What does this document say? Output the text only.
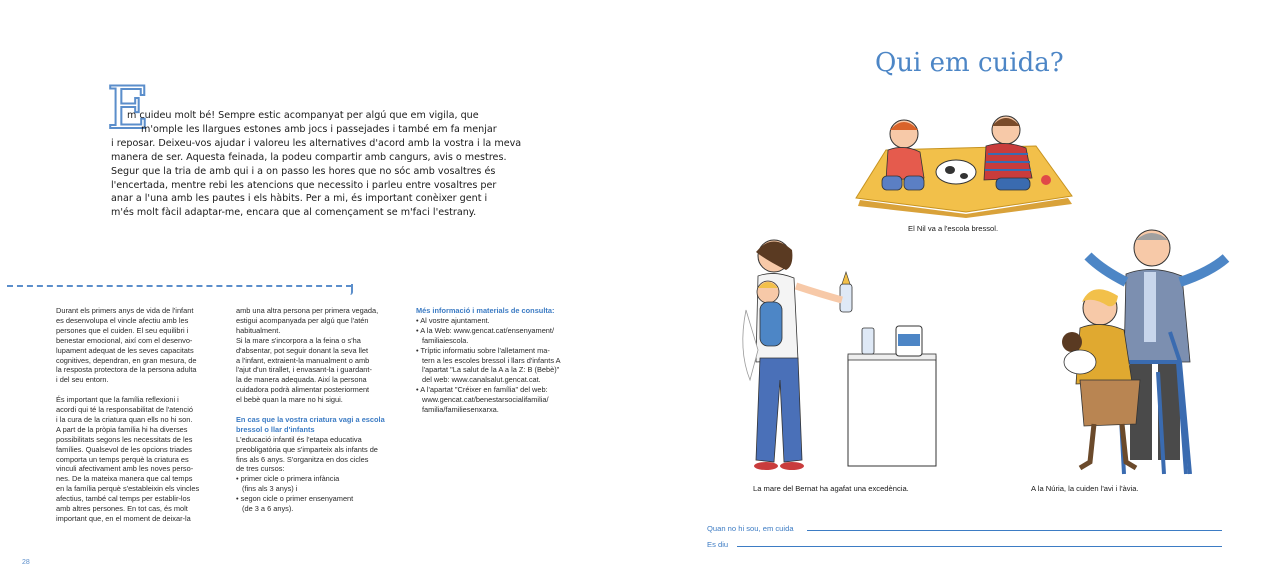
E
m cuideu molt bé! Sempre estic acompanyat per algú que em vigila, que
m'omple les llargues estones amb jocs i passejades i també em fa menjar
i reposar. Deixeu-vos ajudar i valoreu les alternatives d'acord amb la vostra i la meva
manera de ser. Aquesta feinada, la podeu compartir amb cangurs, avis o mestres.
Segur que la tria de amb qui i a on passo les hores que no sóc amb vosaltres és
l'encertada, mentre rebi les atencions que necessito i parleu entre vosaltres per
anar a l'una amb les pautes i els hàbits. Per a mi, és important conèixer gent i
m'és molt fàcil adaptar-me, encara que al començament se m'faci l'estrany.

Durant els primers anys de vida de l'infant
es desenvolupa el vincle afectiu amb les
persones que el cuiden. El seu equilibri i
benestar emocional, així com el desenvo-
lupament adequat de les seves capacitats
cognitives, dependran, en gran mesura, de
la resposta protectora de la persona adulta
i del seu entorn.

És important que la família reflexioni i
acordi qui té la responsabilitat de l'atenció
i la cura de la criatura quan ells no hi son.
A part de la pròpia família hi ha diverses
possibilitats segons les necessitats de les
famílies. Qualsevol de les opcions triades
comporta un temps perquè la criatura es
vinculi afectivament amb les noves perso-
nes. De la mateixa manera que cal temps
en la família perquè s'estableixin els vincles
afectius, també cal temps per establir-los
amb altres persones. En tot cas, és molt
important que, en el moment de deixar-la

amb una altra persona per primera vegada,
estigui acompanyada per algú que l'atén
habitualment.
Si la mare s'incorpora a la feina o s'ha
d'absentar, pot seguir donant la seva llet
a l'infant, extraient-la manualment o amb
l'ajut d'un tirallet, i envasant-la i guardant-
la de manera adequada. Així la persona
cuidadora podrà alimentar posteriorment
el bebè quan la mare no hi sigui.

En cas que la vostra criatura vagi a escola
bressol o llar d'infants
L'educació infantil és l'etapa educativa
preobligatòria que s'imparteix als infants de
fins als 6 anys. S'organitza en dos cicles
de tres cursos:
• primer cicle o primera infància
(fins als 3 anys) i
• segon cicle o primer ensenyament
(de 3 a 6 anys).
Més informació i materials de consulta:
• Al vostre ajuntament.
• A la Web: www.gencat.cat/ensenyament/
familiaiescola.
• Tríptic informatiu sobre l'alletament ma-
tern a les escoles bressol i llars d'infants A
l'apartat "La salut de la A a la Z: B (Bebè)"
del web: www.canalsalut.gencat.cat.
• A l'apartat "Créixer en família" del web:
www.gencat.cat/benestarsocialifamilia/
familia/familiesenxarxa.
28
Qui em cuida?
El Nil va a l'escola bressol.
La mare del Bernat ha agafat una excedència.	A la Núria, la cuiden l'avi i l'àvia.
Quan no hi sou, em cuida
Es diu
